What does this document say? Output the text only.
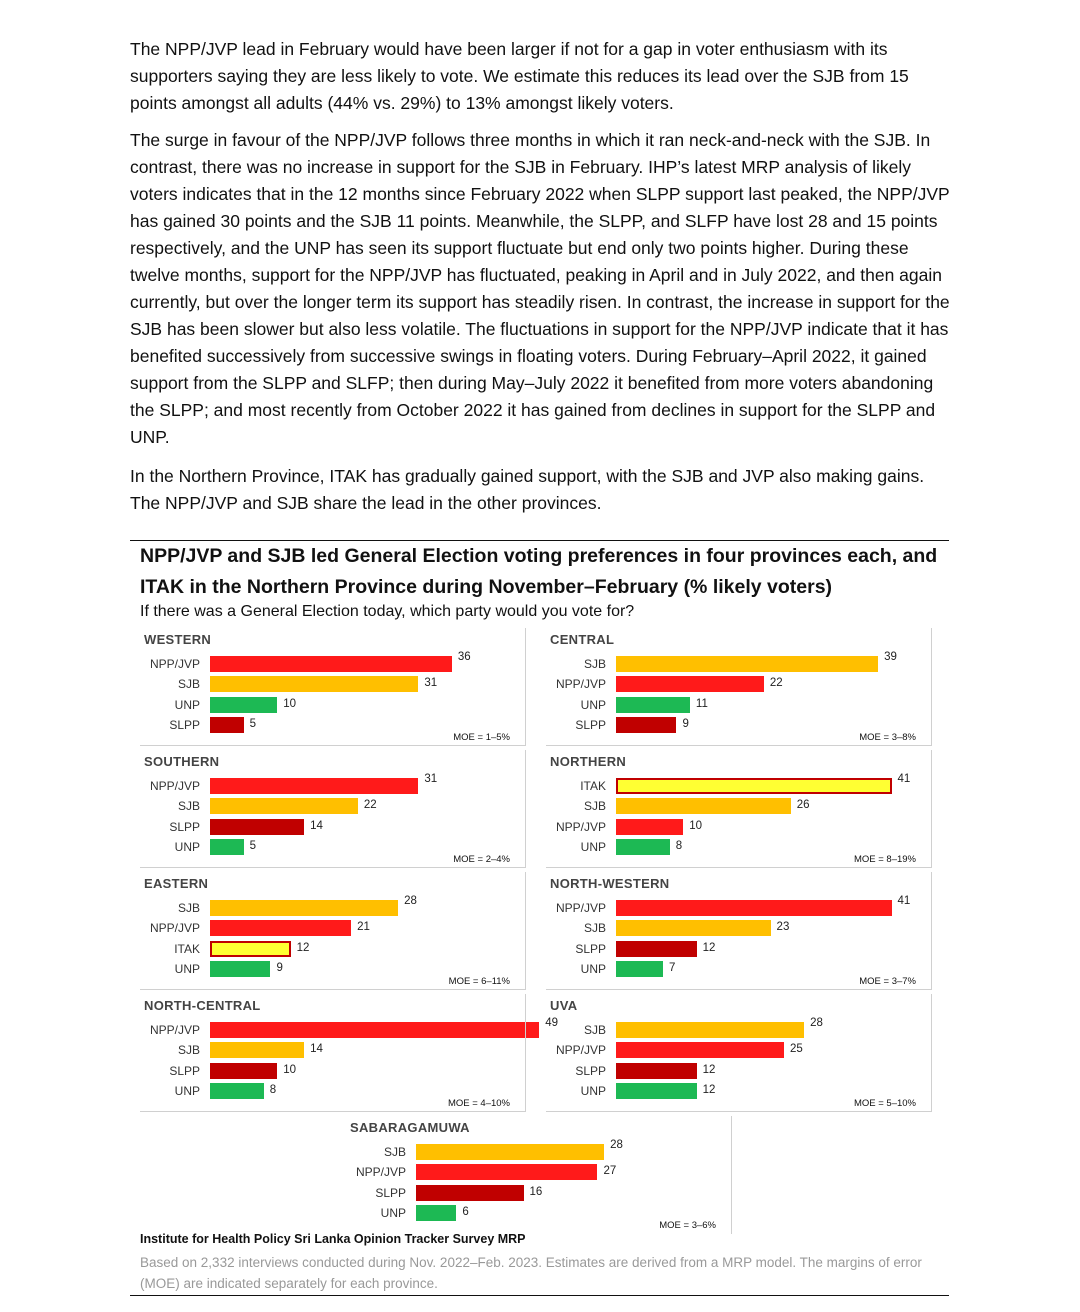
The NPP/JVP lead in February would have been larger if not for a gap in voter enthusiasm with its supporters saying they are less likely to vote. We estimate this reduces its lead over the SJB from 15 points amongst all adults (44% vs. 29%) to 13% amongst likely voters.

The surge in favour of the NPP/JVP follows three months in which it ran neck-and-neck with the SJB. In contrast, there was no increase in support for the SJB in February. IHP’s latest MRP analysis of likely voters indicates that in the 12 months since February 2022 when SLPP support last peaked, the NPP/JVP has gained 30 points and the SJB 11 points. Meanwhile, the SLPP, and SLFP have lost 28 and 15 points respectively, and the UNP has seen its support fluctuate but end only two points higher. During these twelve months, support for the NPP/JVP has fluctuated, peaking in April and in July 2022, and then again currently, but over the longer term its support has steadily risen. In contrast, the increase in support for the SJB has been slower but also less volatile. The fluctuations in support for the NPP/JVP indicate that it has benefited successively from successive swings in floating voters. During February–April 2022, it gained support from the SLPP and SLFP; then during May–July 2022 it benefited from more voters abandoning the SLPP; and most recently from October 2022 it has gained from declines in support for the SLPP and UNP.

In the Northern Province, ITAK has gradually gained support, with the SJB and JVP also making gains. The NPP/JVP and SJB share the lead in the other provinces.

NPP/JVP and SJB led General Election voting preferences in four provinces each, and ITAK in the Northern Province during November–February (% likely voters)
If there was a General Election today, which party would you vote for?
WESTERN
NPP/JVP	36
SJB	31
UNP	10
SLPP	5
MOE = 1–5%
CENTRAL
SJB	39
NPP/JVP	22
UNP	11
SLPP	9
MOE = 3–8%
SOUTHERN
NPP/JVP	31
SJB	22
SLPP	14
UNP	5
MOE = 2–4%
NORTHERN
ITAK	41
SJB	26
NPP/JVP	10
UNP	8
MOE = 8–19%
EASTERN
SJB	28
NPP/JVP	21
ITAK	12
UNP	9
MOE = 6–11%
NORTH-WESTERN
NPP/JVP	41
SJB	23
SLPP	12
UNP	7
MOE = 3–7%
NORTH-CENTRAL
NPP/JVP	49
SJB	14
SLPP	10
UNP	8
MOE = 4–10%
UVA
SJB	28
NPP/JVP	25
SLPP	12
UNP	12
MOE = 5–10%
SABARAGAMUWA
SJB	28
NPP/JVP	27
SLPP	16
UNP	6
MOE = 3–6%
Institute for Health Policy Sri Lanka Opinion Tracker Survey MRP
Based on 2,332 interviews conducted during Nov. 2022–Feb. 2023. Estimates are derived from a MRP model. The margins of error (MOE) are indicated separately for each province.
